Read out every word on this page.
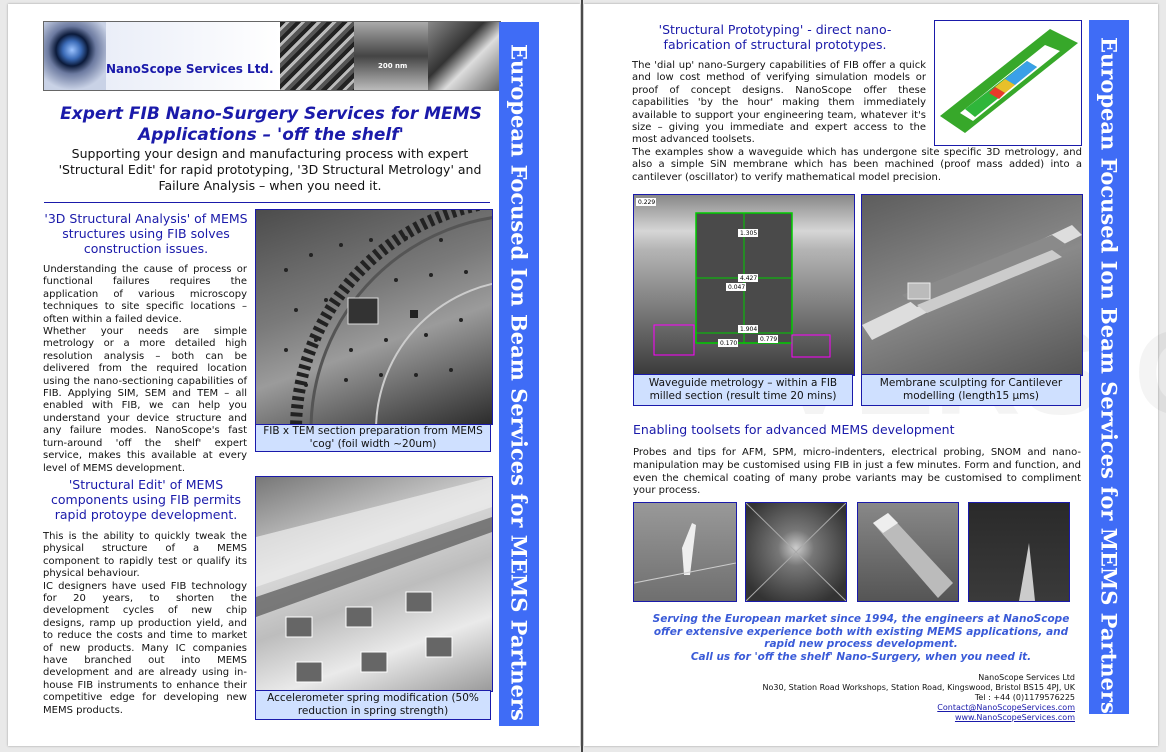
NanoScope Services Ltd.	200 nm
Expert FIB Nano-Surgery Services for MEMS Applications – 'off the shelf'
Supporting your design and manufacturing process with expert 'Structural Edit' for rapid prototyping, '3D Structural Metrology' and Failure Analysis – when you need it.
'3D Structural Analysis' of MEMS structures using FIB solves construction issues.
Understanding the cause of process or functional failures requires the application of various microscopy techniques to site specific locations – often within a failed device.
Whether your needs are simple metrology or a more detailed high resolution analysis – both can be delivered from the required location using the nano-sectioning capabilities of FIB. Applying SIM, SEM and TEM – all enabled with FIB, we can help you understand your device structure and any failure modes. NanoScope's fast turn-around 'off the shelf' expert service, makes this available at every level of MEMS development.
FIB x TEM section preparation from MEMS 'cog' (foil width ~20um)
'Structural Edit' of MEMS components using FIB permits rapid protoype development.
This is the ability to quickly tweak the physical structure of a MEMS component to rapidly test or qualify its physical behaviour.
IC designers have used FIB technology for 20 years, to shorten the development cycles of new chip designs, ramp up production yield, and to reduce the costs and time to market of new products. Many IC companies have branched out into MEMS development and are already using in-house FIB instruments to enhance their competitive edge for developing new MEMS products.
Accelerometer spring modification (50% reduction in spring strength)	European Focused Ion Beam Services for MEMS Partners
'Structural Prototyping' - direct nano-fabrication of structural prototypes.
The 'dial up' nano-Surgery capabilities of FIB offer a quick and low cost method of verifying simulation models or proof of concept designs. NanoScope offer these capabilities 'by the hour' making them immediately available to support your engineering team, whatever it's size – giving you immediate and expert access to the most advanced toolsets.
The examples show a waveguide which has undergone site specific 3D metrology, and also a simple SiN membrane which has been machined (proof mass added) into a cantilever (oscillator) to verify mathematical model precision.
0.229
1.305
4.427
0.047
1.904
0.779
0.170
Waveguide metrology – within a FIB milled section (result time 20 mins)
Membrane sculpting for Cantilever modelling (length15 μms)
Enabling toolsets for advanced MEMS development
Probes and tips for AFM, SPM, micro-indenters, electrical probing, SNOM and nano-manipulation may be customised using FIB in just a few minutes. Form and function, and even the chemical coating of many probe variants may be customised to compliment your process.
Serving the European market since 1994, the engineers at NanoScope offer extensive experience both with existing MEMS applications, and rapid new process development.
Call us for 'off the shelf' Nano-Surgery, when you need it.
NanoScope Services Ltd
No30, Station Road Workshops, Station Road, Kingswood, Bristol BS15 4PJ, UK
Tel : +44 (0)1179576225
Contact@NanoScopeServices.com
www.NanoScopeServices.com
European Focused Ion Beam Services for MEMS Partners
